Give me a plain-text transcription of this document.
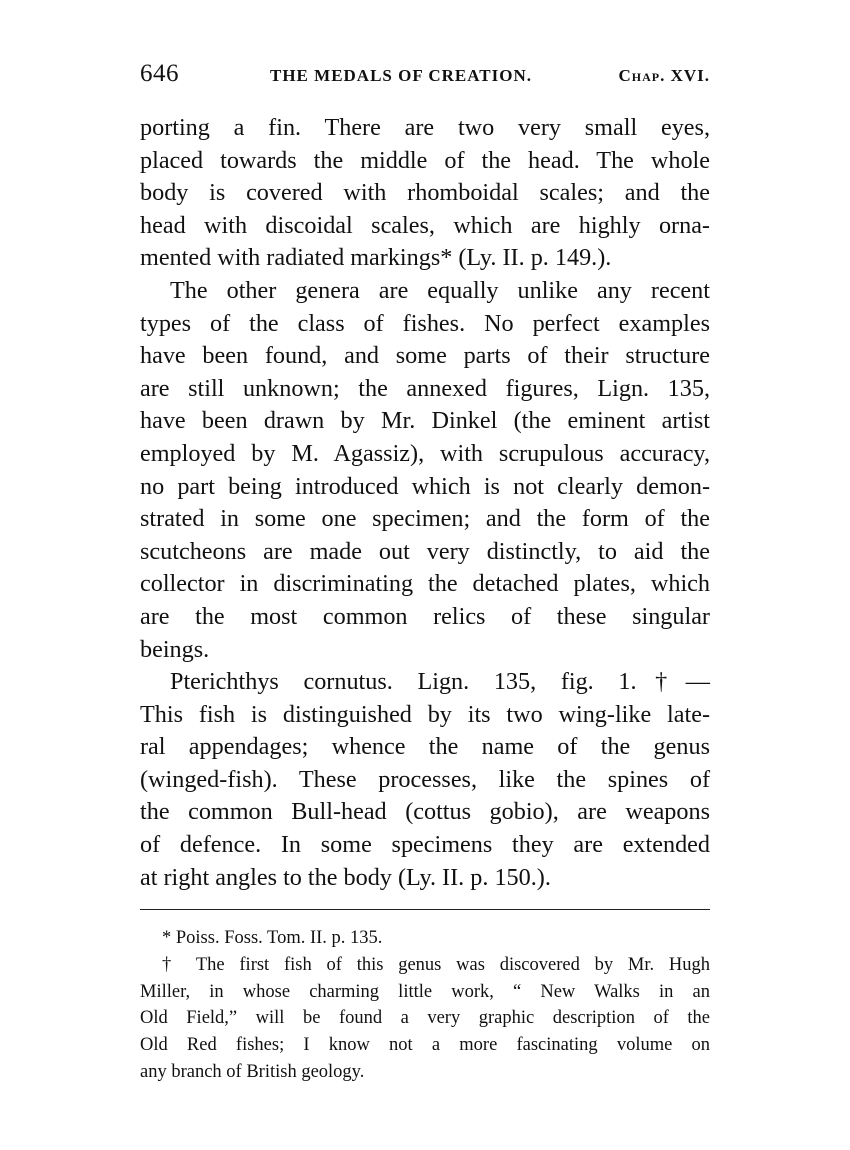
646	THE MEDALS OF CREATION.	Chap. XVI.
porting a fin. There are two very small eyes,
placed towards the middle of the head. The whole
body is covered with rhomboidal scales; and the
head with discoidal scales, which are highly orna-
mented with radiated markings* (Ly. II. p. 149.).
The other genera are equally unlike any recent
types of the class of fishes. No perfect examples
have been found, and some parts of their structure
are still unknown; the annexed figures, Lign. 135,
have been drawn by Mr. Dinkel (the eminent artist
employed by M. Agassiz), with scrupulous accuracy,
no part being introduced which is not clearly demon-
strated in some one specimen; and the form of the
scutcheons are made out very distinctly, to aid the
collector in discriminating the detached plates, which
are the most common relics of these singular
beings.
Pterichthys cornutus. Lign. 135, fig. 1.†—
This fish is distinguished by its two wing-like late-
ral appendages; whence the name of the genus
(winged-fish). These processes, like the spines of
the common Bull-head (cottus gobio), are weapons
of defence. In some specimens they are extended
at right angles to the body (Ly. II. p. 150.).
* Poiss. Foss. Tom. II. p. 135.
† The first fish of this genus was discovered by Mr. Hugh
Miller, in whose charming little work, “ New Walks in an
Old Field,” will be found a very graphic description of the
Old Red fishes; I know not a more fascinating volume on
any branch of British geology.
